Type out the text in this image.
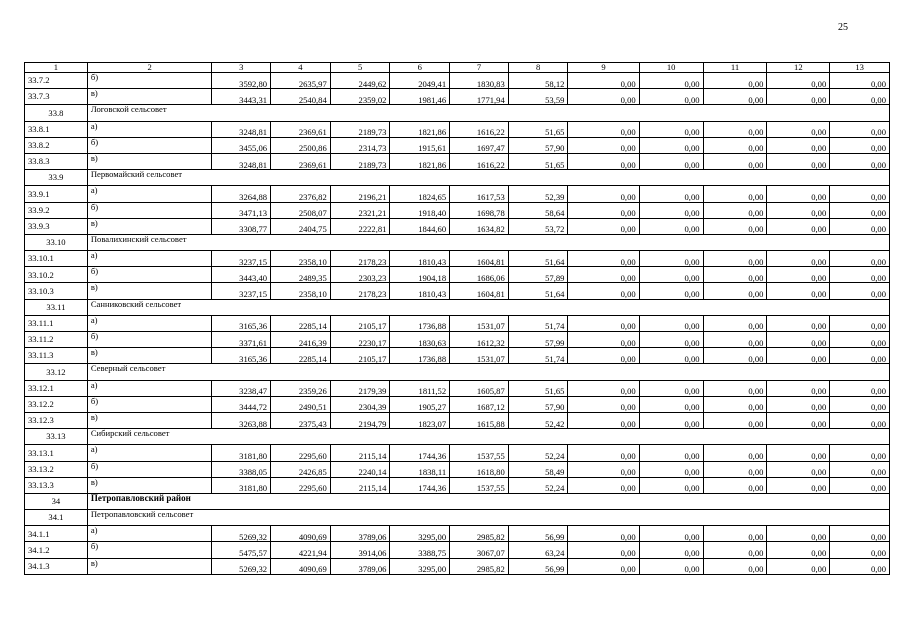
25
1	2	3	4	5	6	7	8	9	10	11	12	13
33.7.2	б)	3592,80	2635,97	2449,62	2049,41	1830,83	58,12	0,00	0,00	0,00	0,00	0,00
33.7.3	в)	3443,31	2540,84	2359,02	1981,46	1771,94	53,59	0,00	0,00	0,00	0,00	0,00
33.8	Логовской сельсовет											
33.8.1	а)	3248,81	2369,61	2189,73	1821,86	1616,22	51,65	0,00	0,00	0,00	0,00	0,00
33.8.2	б)	3455,06	2500,86	2314,73	1915,61	1697,47	57,90	0,00	0,00	0,00	0,00	0,00
33.8.3	в)	3248,81	2369,61	2189,73	1821,86	1616,22	51,65	0,00	0,00	0,00	0,00	0,00
33.9	Первомайский сельсовет											
33.9.1	а)	3264,88	2376,82	2196,21	1824,65	1617,53	52,39	0,00	0,00	0,00	0,00	0,00
33.9.2	б)	3471,13	2508,07	2321,21	1918,40	1698,78	58,64	0,00	0,00	0,00	0,00	0,00
33.9.3	в)	3308,77	2404,75	2222,81	1844,60	1634,82	53,72	0,00	0,00	0,00	0,00	0,00
33.10	Повалихинский сельсовет											
33.10.1	а)	3237,15	2358,10	2178,23	1810,43	1604,81	51,64	0,00	0,00	0,00	0,00	0,00
33.10.2	б)	3443,40	2489,35	2303,23	1904,18	1686,06	57,89	0,00	0,00	0,00	0,00	0,00
33.10.3	в)	3237,15	2358,10	2178,23	1810,43	1604,81	51,64	0,00	0,00	0,00	0,00	0,00
33.11	Санниковский сельсовет											
33.11.1	а)	3165,36	2285,14	2105,17	1736,88	1531,07	51,74	0,00	0,00	0,00	0,00	0,00
33.11.2	б)	3371,61	2416,39	2230,17	1830,63	1612,32	57,99	0,00	0,00	0,00	0,00	0,00
33.11.3	в)	3165,36	2285,14	2105,17	1736,88	1531,07	51,74	0,00	0,00	0,00	0,00	0,00
33.12	Северный сельсовет											
33.12.1	а)	3238,47	2359,26	2179,39	1811,52	1605,87	51,65	0,00	0,00	0,00	0,00	0,00
33.12.2	б)	3444,72	2490,51	2304,39	1905,27	1687,12	57,90	0,00	0,00	0,00	0,00	0,00
33.12.3	в)	3263,88	2375,43	2194,79	1823,07	1615,88	52,42	0,00	0,00	0,00	0,00	0,00
33.13	Сибирский сельсовет											
33.13.1	а)	3181,80	2295,60	2115,14	1744,36	1537,55	52,24	0,00	0,00	0,00	0,00	0,00
33.13.2	б)	3388,05	2426,85	2240,14	1838,11	1618,80	58,49	0,00	0,00	0,00	0,00	0,00
33.13.3	в)	3181,80	2295,60	2115,14	1744,36	1537,55	52,24	0,00	0,00	0,00	0,00	0,00
34	Петропавловский район											
34.1	Петропавловский сельсовет											
34.1.1	а)	5269,32	4090,69	3789,06	3295,00	2985,82	56,99	0,00	0,00	0,00	0,00	0,00
34.1.2	б)	5475,57	4221,94	3914,06	3388,75	3067,07	63,24	0,00	0,00	0,00	0,00	0,00
34.1.3	в)	5269,32	4090,69	3789,06	3295,00	2985,82	56,99	0,00	0,00	0,00	0,00	0,00
